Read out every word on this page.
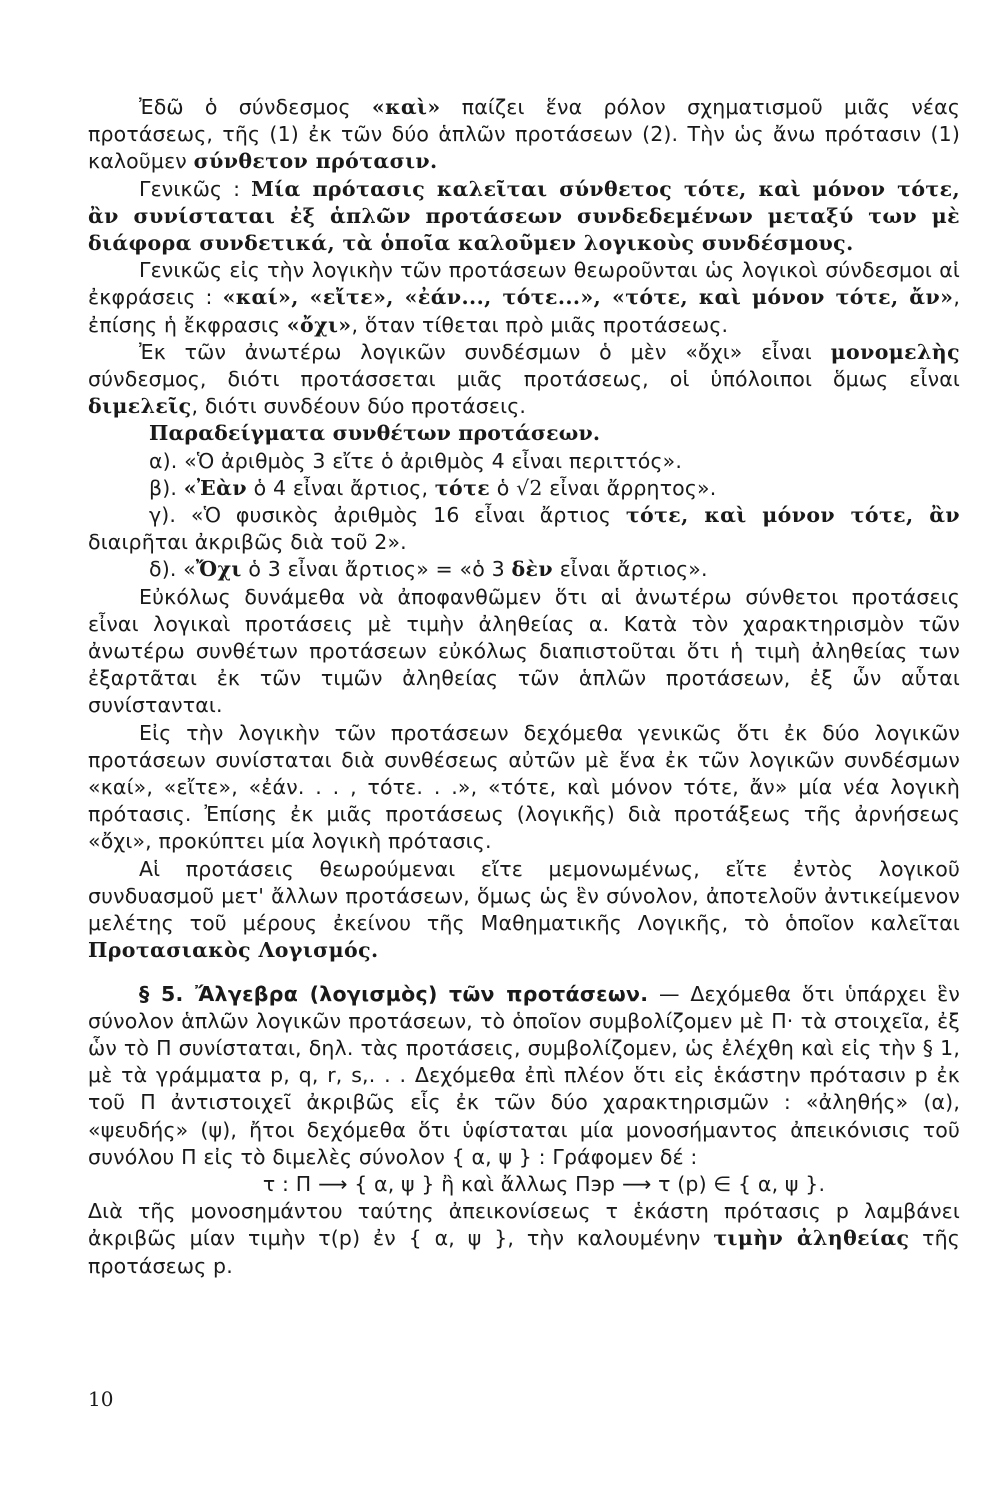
Ἐδῶ ὁ σύνδεσμος «καὶ» παίζει ἕνα ρόλον σχηματισμοῦ μιᾶς νέας προτάσεως, τῆς (1) ἐκ τῶν δύο ἁπλῶν προτάσεων (2). Τὴν ὡς ἄνω πρότασιν (1) καλοῦμεν σύνθετον πρότασιν.

Γενικῶς : Μία πρότασις καλεῖται σύνθετος τότε, καὶ μόνον τότε, ἂν συνίσταται ἐξ ἁπλῶν προτάσεων συνδεδεμένων μεταξύ των μὲ διάφορα συνδετικά, τὰ ὁποῖα καλοῦμεν λογικοὺς συνδέσμους.

Γενικῶς εἰς τὴν λογικὴν τῶν προτάσεων θεωροῦνται ὡς λογικοὶ σύνδεσμοι αἱ ἐκφράσεις : «καί», «εἴτε», «ἐάν..., τότε...», «τότε, καὶ μόνον τότε, ἄν», ἐπίσης ἡ ἔκφρασις «ὄχι», ὅταν τίθεται πρὸ μιᾶς προτάσεως.

Ἐκ τῶν ἀνωτέρω λογικῶν συνδέσμων ὁ μὲν «ὄχι» εἶναι μονομελὴς σύνδεσμος, διότι προτάσσεται μιᾶς προτάσεως, οἱ ὑπόλοιποι ὅμως εἶναι διμελεῖς, διότι συνδέουν δύο προτάσεις.

Παραδείγματα συνθέτων προτάσεων.

α). «Ὁ ἀριθμὸς 3 εἴτε ὁ ἀριθμὸς 4 εἶναι περιττός».

β). «Ἐὰν ὁ 4 εἶναι ἄρτιος, τότε ὁ √2 εἶναι ἄρρητος».

γ). «Ὁ φυσικὸς ἀριθμὸς 16 εἶναι ἄρτιος τότε, καὶ μόνον τότε, ἂν διαιρῆται ἀκριβῶς διὰ τοῦ 2».

δ). «Ὄχι ὁ 3 εἶναι ἄρτιος» = «ὁ 3 δὲν εἶναι ἄρτιος».

Εὐκόλως δυνάμεθα νὰ ἀποφανθῶμεν ὅτι αἱ ἀνωτέρω σύνθετοι προτάσεις εἶναι λογικαὶ προτάσεις μὲ τιμὴν ἀληθείας α. Κατὰ τὸν χαρακτηρισμὸν τῶν ἀνωτέρω συνθέτων προτάσεων εὐκόλως διαπιστοῦται ὅτι ἡ τιμὴ ἀληθείας των ἐξαρτᾶται ἐκ τῶν τιμῶν ἀληθείας τῶν ἁπλῶν προτάσεων, ἐξ ὧν αὗται συνίστανται.

Εἰς τὴν λογικὴν τῶν προτάσεων δεχόμεθα γενικῶς ὅτι ἐκ δύο λογικῶν προτάσεων συνίσταται διὰ συνθέσεως αὐτῶν μὲ ἕνα ἐκ τῶν λογικῶν συνδέσμων «καί», «εἴτε», «ἐάν. . . , τότε. . .», «τότε, καὶ μόνον τότε, ἄν» μία νέα λογικὴ πρότασις. Ἐπίσης ἐκ μιᾶς προτάσεως (λογικῆς) διὰ προτάξεως τῆς ἀρνήσεως «ὄχι», προκύπτει μία λογικὴ πρότασις.

Αἱ προτάσεις θεωρούμεναι εἴτε μεμονωμένως, εἴτε ἐντὸς λογικοῦ συνδυασμοῦ μετ' ἄλλων προτάσεων, ὅμως ὡς ἓν σύνολον, ἀποτελοῦν ἀντικείμενον μελέτης τοῦ μέρους ἐκείνου τῆς Μαθηματικῆς Λογικῆς, τὸ ὁποῖον καλεῖται Προτασιακὸς Λογισμός.

§ 5. Ἄλγεβρα (λογισμὸς) τῶν προτάσεων. — Δεχόμεθα ὅτι ὑπάρχει ἓν σύνολον ἁπλῶν λογικῶν προτάσεων, τὸ ὁποῖον συμβολίζομεν μὲ Π· τὰ στοιχεῖα, ἐξ ὧν τὸ Π συνίσταται, δηλ. τὰς προτάσεις, συμβολίζομεν, ὡς ἐλέχθη καὶ εἰς τὴν § 1, μὲ τὰ γράμματα p, q, r, s,. . . Δεχόμεθα ἐπὶ πλέον ὅτι εἰς ἑκάστην πρότασιν p ἐκ τοῦ Π ἀντιστοιχεῖ ἀκριβῶς εἷς ἐκ τῶν δύο χαρακτηρισμῶν : «ἀληθής» (α), «ψευδής» (ψ), ἤτοι δεχόμεθα ὅτι ὑφίσταται μία μονοσήμαντος ἀπεικόνισις τοῦ συνόλου Π εἰς τὸ διμελὲς σύνολον { α, ψ } : Γράφομεν δέ :

τ : Π ⟶ { α, ψ } ἢ καὶ ἄλλως Πэр ⟶ τ (p) ∈ { α, ψ }.

Διὰ τῆς μονοσημάντου ταύτης ἀπεικονίσεως τ ἑκάστη πρότασις p λαμβάνει ἀκριβῶς μίαν τιμὴν τ(p) ἐν { α, ψ }, τὴν καλουμένην τιμὴν ἀληθείας τῆς προτάσεως p.

10
